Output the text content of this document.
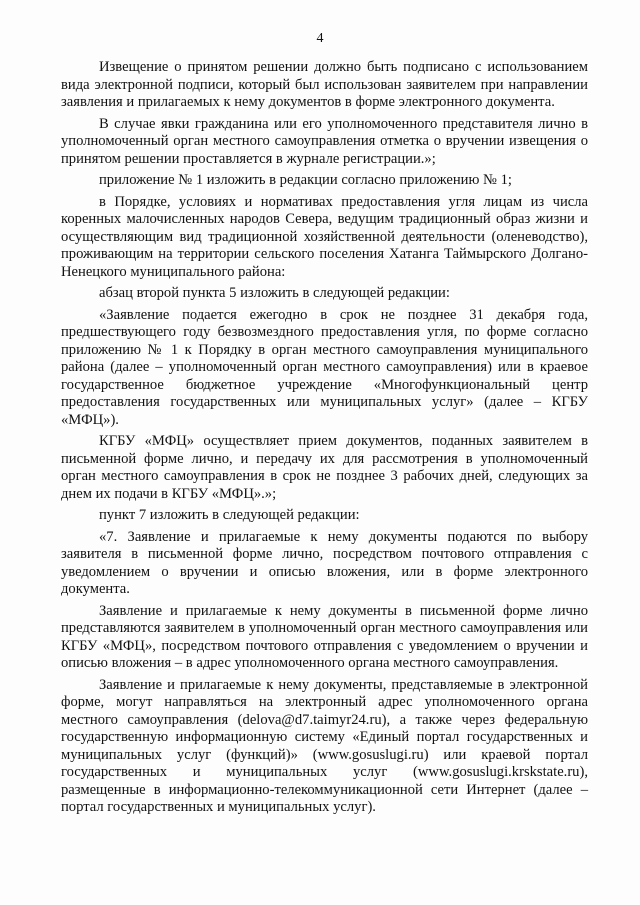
4

Извещение о принятом решении должно быть подписано с использованием вида электронной подписи, который был использован заявителем при направлении заявления и прилагаемых к нему документов в форме электронного документа.

В случае явки гражданина или его уполномоченного представителя лично в уполномоченный орган местного самоуправления отметка о вручении извещения о принятом решении проставляется в журнале регистрации.»;

приложение № 1 изложить в редакции согласно приложению № 1;

в Порядке, условиях и нормативах предоставления угля лицам из числа коренных малочисленных народов Севера, ведущим традиционный образ жизни и осуществляющим вид традиционной хозяйственной деятельности (оленеводство), проживающим на территории сельского поселения Хатанга Таймырского Долгано-Ненецкого муниципального района:

абзац второй пункта 5 изложить в следующей редакции:

«Заявление подается ежегодно в срок не позднее 31 декабря года, предшествующего году безвозмездного предоставления угля, по форме согласно приложению № 1 к Порядку в орган местного самоуправления муниципального района (далее – уполномоченный орган местного самоуправления) или в краевое государственное бюджетное учреждение «Многофункциональный центр предоставления государственных или муниципальных услуг» (далее – КГБУ «МФЦ»).

КГБУ «МФЦ» осуществляет прием документов, поданных заявителем в письменной форме лично, и передачу их для рассмотрения в уполномоченный орган местного самоуправления в срок не позднее 3 рабочих дней, следующих за днем их подачи в КГБУ «МФЦ».»;

пункт 7 изложить в следующей редакции:

«7. Заявление и прилагаемые к нему документы подаются по выбору заявителя в письменной форме лично, посредством почтового отправления с уведомлением о вручении и описью вложения, или в форме электронного документа.

Заявление и прилагаемые к нему документы в письменной форме лично представляются заявителем в уполномоченный орган местного самоуправления или КГБУ «МФЦ», посредством почтового отправления с уведомлением о вручении и описью вложения – в адрес уполномоченного органа местного самоуправления.

Заявление и прилагаемые к нему документы, представляемые в электронной форме, могут направляться на электронный адрес уполномоченного органа местного самоуправления (delova@d7.taimyr24.ru), а также через федеральную государственную информационную систему «Единый портал государственных и муниципальных услуг (функций)» (www.gosuslugi.ru) или краевой портал государственных и муниципальных услуг (www.gosuslugi.krskstate.ru), размещенные в информационно-телекоммуникационной сети Интернет (далее – портал государственных и муниципальных услуг).
